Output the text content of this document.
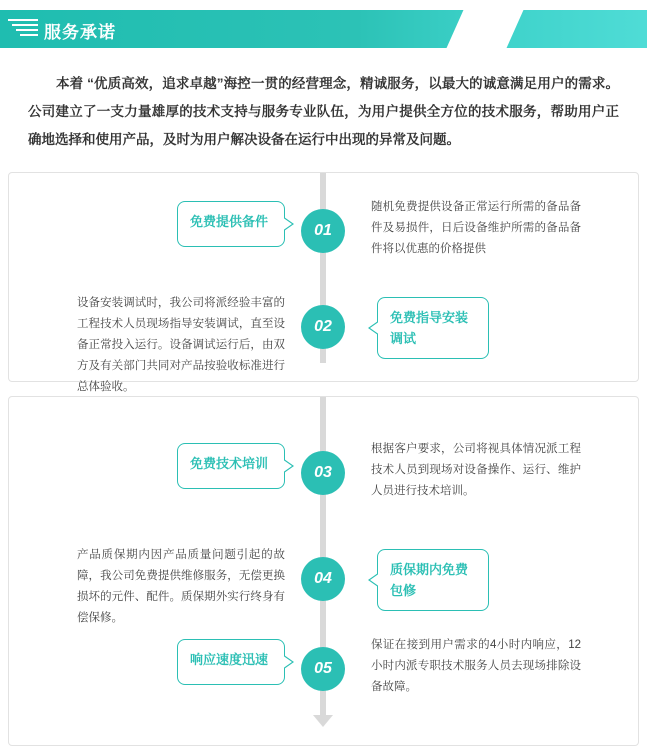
服务承诺
本着 “优质高效，追求卓越”海控一贯的经营理念，精诚服务，以最大的诚意满足用户的需求。公司建立了一支力量雄厚的技术支持与服务专业队伍，为用户提供全方位的技术服务，帮助用户正确地选择和使用产品，及时为用户解决设备在运行中出现的异常及问题。
免费提供备件
01
随机免费提供设备正常运行所需的备品备件及易损件，日后设备维护所需的备品备件将以优惠的价格提供
设备安装调试时，我公司将派经验丰富的工程技术人员现场指导安装调试，直至设备正常投入运行。设备调试运行后，由双方及有关部门共同对产品按验收标准进行总体验收。
02
免费指导安装调试
免费技术培训
03
根据客户要求，公司将视具体情况派工程技术人员到现场对设备操作、运行、维护人员进行技术培训。
产品质保期内因产品质量问题引起的故障，我公司免费提供维修服务，无偿更换损坏的元件、配件。质保期外实行终身有偿保修。
04
质保期内免费包修
响应速度迅速
05
保证在接到用户需求的4小时内响应，12小时内派专职技术服务人员去现场排除设备故障。
